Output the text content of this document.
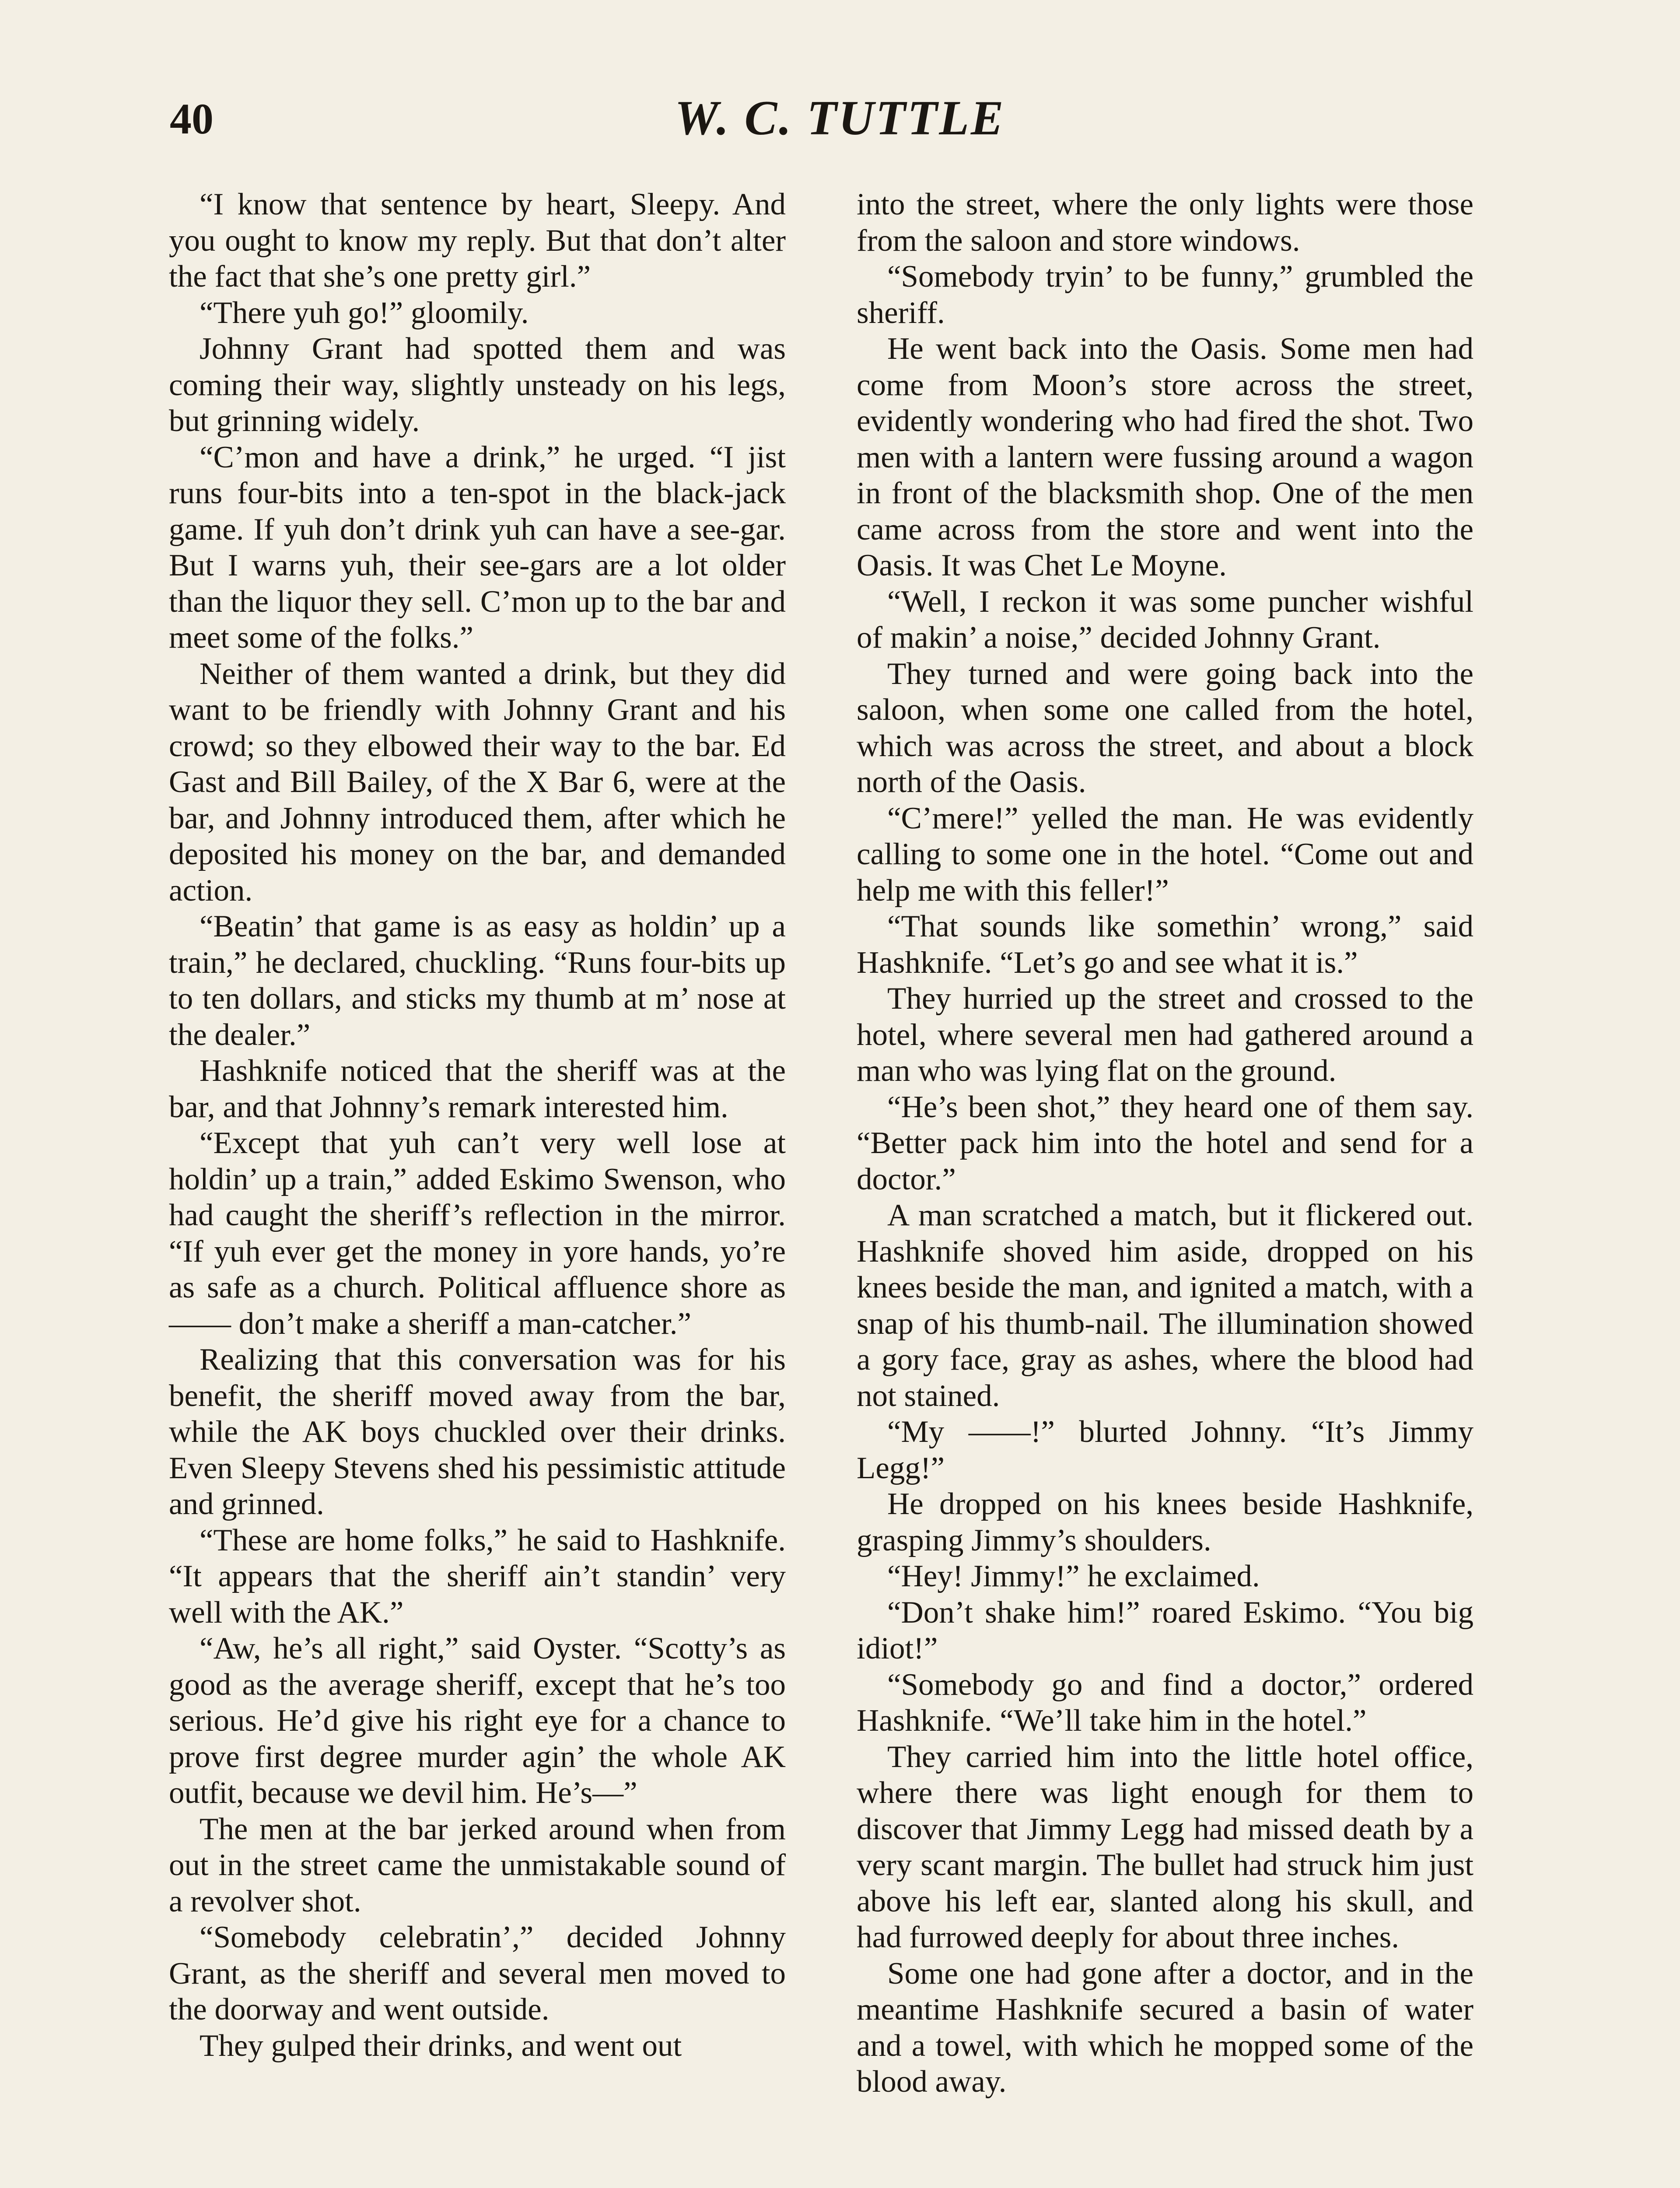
40	W. C. TUTTLE

“I know that sentence by heart, Sleepy. And you ought to know my reply. But that don’t alter the fact that she’s one pretty girl.”

“There yuh go!” gloomily.

Johnny Grant had spotted them and was coming their way, slightly unsteady on his legs, but grinning widely.

“C’mon and have a drink,” he urged. “I jist runs four-bits into a ten-spot in the black-jack game. If yuh don’t drink yuh can have a see-gar. But I warns yuh, their see-gars are a lot older than the liquor they sell. C’mon up to the bar and meet some of the folks.”

Neither of them wanted a drink, but they did want to be friendly with Johnny Grant and his crowd; so they elbowed their way to the bar. Ed Gast and Bill Bailey, of the X Bar 6, were at the bar, and Johnny introduced them, after which he deposited his money on the bar, and demanded action.

“Beatin’ that game is as easy as holdin’ up a train,” he declared, chuckling. “Runs four-bits up to ten dollars, and sticks my thumb at m’ nose at the dealer.”

Hashknife noticed that the sheriff was at the bar, and that Johnny’s remark interested him.

“Except that yuh can’t very well lose at holdin’ up a train,” added Eskimo Swenson, who had caught the sheriff’s reflection in the mirror. “If yuh ever get the money in yore hands, yo’re as safe as a church. Political affluence shore as —— don’t make a sheriff a man-catcher.”

Realizing that this conversation was for his benefit, the sheriff moved away from the bar, while the AK boys chuckled over their drinks. Even Sleepy Stevens shed his pessimistic attitude and grinned.

“These are home folks,” he said to Hashknife. “It appears that the sheriff ain’t standin’ very well with the AK.”

“Aw, he’s all right,” said Oyster. “Scotty’s as good as the average sheriff, except that he’s too serious. He’d give his right eye for a chance to prove first degree murder agin’ the whole AK outfit, because we devil him. He’s—”

The men at the bar jerked around when from out in the street came the unmistakable sound of a revolver shot.

“Somebody celebratin’,” decided Johnny Grant, as the sheriff and several men moved to the doorway and went outside.

They gulped their drinks, and went out

into the street, where the only lights were those from the saloon and store windows.

“Somebody tryin’ to be funny,” grumbled the sheriff.

He went back into the Oasis. Some men had come from Moon’s store across the street, evidently wondering who had fired the shot. Two men with a lantern were fussing around a wagon in front of the blacksmith shop. One of the men came across from the store and went into the Oasis. It was Chet Le Moyne.

“Well, I reckon it was some puncher wishful of makin’ a noise,” decided Johnny Grant.

They turned and were going back into the saloon, when some one called from the hotel, which was across the street, and about a block north of the Oasis.

“C’mere!” yelled the man. He was evidently calling to some one in the hotel. “Come out and help me with this feller!”

“That sounds like somethin’ wrong,” said Hashknife. “Let’s go and see what it is.”

They hurried up the street and crossed to the hotel, where several men had gathered around a man who was lying flat on the ground.

“He’s been shot,” they heard one of them say. “Better pack him into the hotel and send for a doctor.”

A man scratched a match, but it flickered out. Hashknife shoved him aside, dropped on his knees beside the man, and ignited a match, with a snap of his thumb-nail. The illumination showed a gory face, gray as ashes, where the blood had not stained.

“My ——!” blurted Johnny. “It’s Jimmy Legg!”

He dropped on his knees beside Hashknife, grasping Jimmy’s shoulders.

“Hey! Jimmy!” he exclaimed.

“Don’t shake him!” roared Eskimo. “You big idiot!”

“Somebody go and find a doctor,” ordered Hashknife. “We’ll take him in the hotel.”

They carried him into the little hotel office, where there was light enough for them to discover that Jimmy Legg had missed death by a very scant margin. The bullet had struck him just above his left ear, slanted along his skull, and had furrowed deeply for about three inches.

Some one had gone after a doctor, and in the meantime Hashknife secured a basin of water and a towel, with which he mopped some of the blood away.
